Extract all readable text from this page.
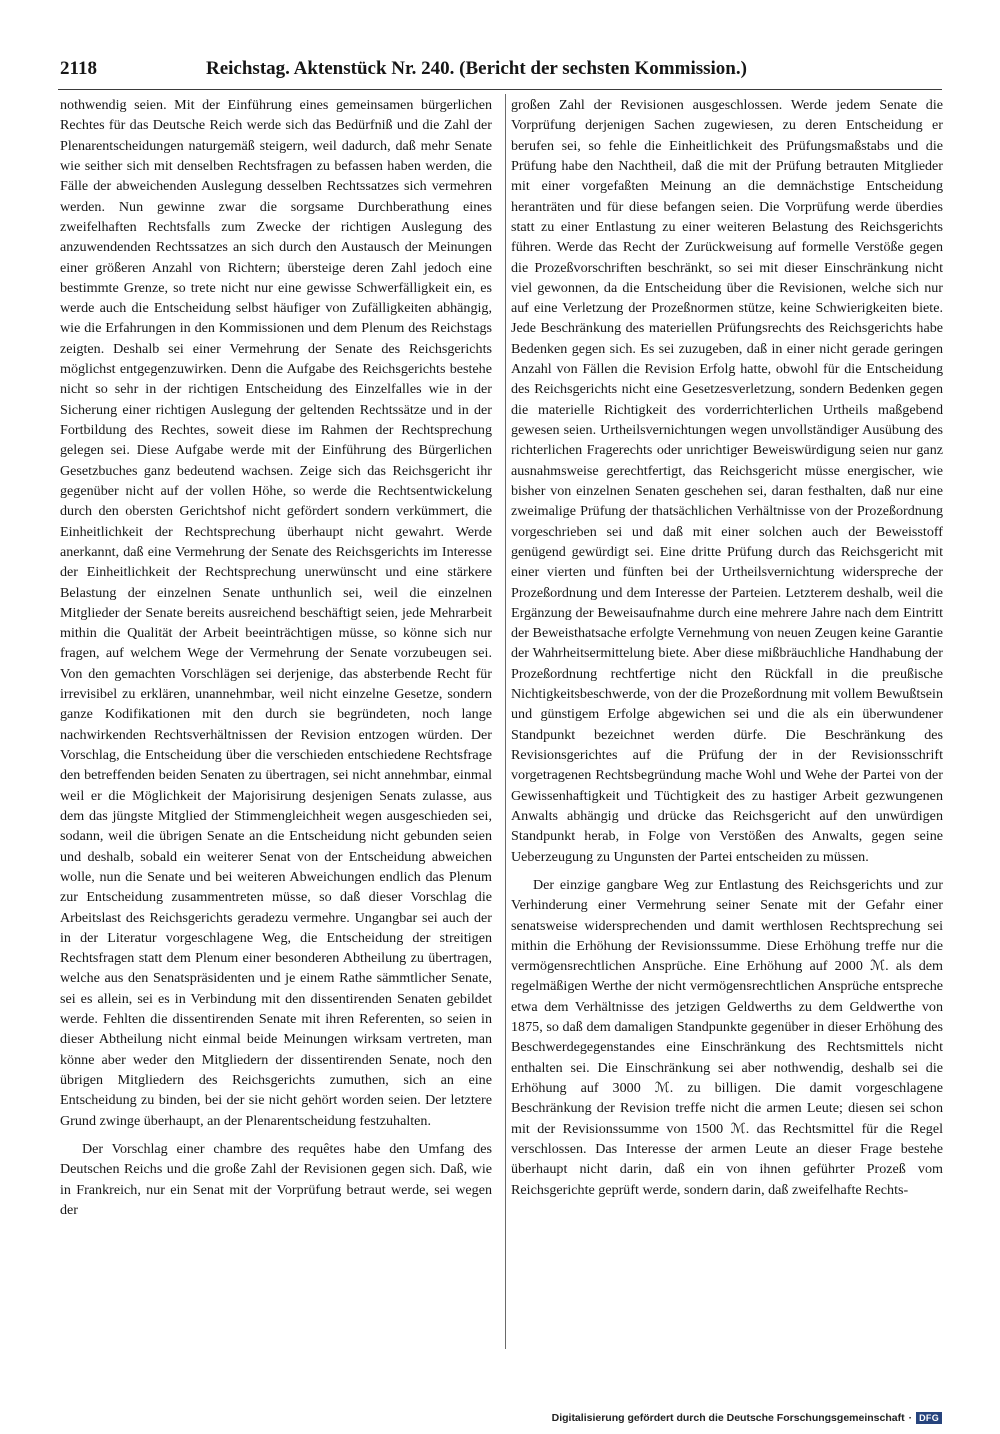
2118	Reichstag. Aktenstück Nr. 240. (Bericht der sechsten Kommission.)

nothwendig seien. Mit der Einführung eines gemeinsamen bürgerlichen Rechtes für das Deutsche Reich werde sich das Bedürfniß und die Zahl der Plenarentscheidungen naturgemäß steigern, weil dadurch, daß mehr Senate wie seither sich mit denselben Rechtsfragen zu befassen haben werden, die Fälle der abweichenden Auslegung desselben Rechtssatzes sich vermehren werden. Nun gewinne zwar die sorgsame Durchberathung eines zweifelhaften Rechtsfalls zum Zwecke der richtigen Auslegung des anzuwendenden Rechtssatzes an sich durch den Austausch der Meinungen einer größeren Anzahl von Richtern; übersteige deren Zahl jedoch eine bestimmte Grenze, so trete nicht nur eine gewisse Schwerfälligkeit ein, es werde auch die Entscheidung selbst häufiger von Zufälligkeiten abhängig, wie die Erfahrungen in den Kommissionen und dem Plenum des Reichstags zeigten. Deshalb sei einer Vermehrung der Senate des Reichsgerichts möglichst entgegenzuwirken. Denn die Aufgabe des Reichsgerichts bestehe nicht so sehr in der richtigen Entscheidung des Einzelfalles wie in der Sicherung einer richtigen Auslegung der geltenden Rechtssätze und in der Fortbildung des Rechtes, soweit diese im Rahmen der Rechtsprechung gelegen sei. Diese Aufgabe werde mit der Einführung des Bürgerlichen Gesetzbuches ganz bedeutend wachsen. Zeige sich das Reichsgericht ihr gegenüber nicht auf der vollen Höhe, so werde die Rechtsentwickelung durch den obersten Gerichtshof nicht gefördert sondern verkümmert, die Einheitlichkeit der Rechtsprechung überhaupt nicht gewahrt. Werde anerkannt, daß eine Vermehrung der Senate des Reichsgerichts im Interesse der Einheitlichkeit der Rechtsprechung unerwünscht und eine stärkere Belastung der einzelnen Senate unthunlich sei, weil die einzelnen Mitglieder der Senate bereits ausreichend beschäftigt seien, jede Mehrarbeit mithin die Qualität der Arbeit beeinträchtigen müsse, so könne sich nur fragen, auf welchem Wege der Vermehrung der Senate vorzubeugen sei. Von den gemachten Vorschlägen sei derjenige, das absterbende Recht für irrevisibel zu erklären, unannehmbar, weil nicht einzelne Gesetze, sondern ganze Kodifikationen mit den durch sie begründeten, noch lange nachwirkenden Rechtsverhältnissen der Revision entzogen würden. Der Vorschlag, die Entscheidung über die verschieden entschiedene Rechtsfrage den betreffenden beiden Senaten zu übertragen, sei nicht annehmbar, einmal weil er die Möglichkeit der Majorisirung desjenigen Senats zulasse, aus dem das jüngste Mitglied der Stimmengleichheit wegen ausgeschieden sei, sodann, weil die übrigen Senate an die Entscheidung nicht gebunden seien und deshalb, sobald ein weiterer Senat von der Entscheidung abweichen wolle, nun die Senate und bei weiteren Abweichungen endlich das Plenum zur Entscheidung zusammentreten müsse, so daß dieser Vorschlag die Arbeitslast des Reichsgerichts geradezu vermehre. Ungangbar sei auch der in der Literatur vorgeschlagene Weg, die Entscheidung der streitigen Rechtsfragen statt dem Plenum einer besonderen Abtheilung zu übertragen, welche aus den Senatspräsidenten und je einem Rathe sämmtlicher Senate, sei es allein, sei es in Verbindung mit den dissentirenden Senaten gebildet werde. Fehlten die dissentirenden Senate mit ihren Referenten, so seien in dieser Abtheilung nicht einmal beide Meinungen wirksam vertreten, man könne aber weder den Mitgliedern der dissentirenden Senate, noch den übrigen Mitgliedern des Reichsgerichts zumuthen, sich an eine Entscheidung zu binden, bei der sie nicht gehört worden seien. Der letztere Grund zwinge überhaupt, an der Plenarentscheidung festzuhalten.

Der Vorschlag einer chambre des requêtes habe den Umfang des Deutschen Reichs und die große Zahl der Revisionen gegen sich. Daß, wie in Frankreich, nur ein Senat mit der Vorprüfung betraut werde, sei wegen der

großen Zahl der Revisionen ausgeschlossen. Werde jedem Senate die Vorprüfung derjenigen Sachen zugewiesen, zu deren Entscheidung er berufen sei, so fehle die Einheitlichkeit des Prüfungsmaßstabs und die Prüfung habe den Nachtheil, daß die mit der Prüfung betrauten Mitglieder mit einer vorgefaßten Meinung an die demnächstige Entscheidung heranträten und für diese befangen seien. Die Vorprüfung werde überdies statt zu einer Entlastung zu einer weiteren Belastung des Reichsgerichts führen. Werde das Recht der Zurückweisung auf formelle Verstöße gegen die Prozeßvorschriften beschränkt, so sei mit dieser Einschränkung nicht viel gewonnen, da die Entscheidung über die Revisionen, welche sich nur auf eine Verletzung der Prozeßnormen stütze, keine Schwierigkeiten biete. Jede Beschränkung des materiellen Prüfungsrechts des Reichsgerichts habe Bedenken gegen sich. Es sei zuzugeben, daß in einer nicht gerade geringen Anzahl von Fällen die Revision Erfolg hatte, obwohl für die Entscheidung des Reichsgerichts nicht eine Gesetzesverletzung, sondern Bedenken gegen die materielle Richtigkeit des vorderrichterlichen Urtheils maßgebend gewesen seien. Urtheilsvernichtungen wegen unvollständiger Ausübung des richterlichen Fragerechts oder unrichtiger Beweiswürdigung seien nur ganz ausnahmsweise gerechtfertigt, das Reichsgericht müsse energischer, wie bisher von einzelnen Senaten geschehen sei, daran festhalten, daß nur eine zweimalige Prüfung der thatsächlichen Verhältnisse von der Prozeßordnung vorgeschrieben sei und daß mit einer solchen auch der Beweisstoff genügend gewürdigt sei. Eine dritte Prüfung durch das Reichsgericht mit einer vierten und fünften bei der Urtheilsvernichtung widerspreche der Prozeßordnung und dem Interesse der Parteien. Letzterem deshalb, weil die Ergänzung der Beweisaufnahme durch eine mehrere Jahre nach dem Eintritt der Beweisthatsache erfolgte Vernehmung von neuen Zeugen keine Garantie der Wahrheitsermittelung biete. Aber diese mißbräuchliche Handhabung der Prozeßordnung rechtfertige nicht den Rückfall in die preußische Nichtigkeitsbeschwerde, von der die Prozeßordnung mit vollem Bewußtsein und günstigem Erfolge abgewichen sei und die als ein überwundener Standpunkt bezeichnet werden dürfe. Die Beschränkung des Revisionsgerichtes auf die Prüfung der in der Revisionsschrift vorgetragenen Rechtsbegründung mache Wohl und Wehe der Partei von der Gewissenhaftigkeit und Tüchtigkeit des zu hastiger Arbeit gezwungenen Anwalts abhängig und drücke das Reichsgericht auf den unwürdigen Standpunkt herab, in Folge von Verstößen des Anwalts, gegen seine Ueberzeugung zu Ungunsten der Partei entscheiden zu müssen.

Der einzige gangbare Weg zur Entlastung des Reichsgerichts und zur Verhinderung einer Vermehrung seiner Senate mit der Gefahr einer senatsweise widersprechenden und damit werthlosen Rechtsprechung sei mithin die Erhöhung der Revisionssumme. Diese Erhöhung treffe nur die vermögensrechtlichen Ansprüche. Eine Erhöhung auf 2000 ℳ. als dem regelmäßigen Werthe der nicht vermögensrechtlichen Ansprüche entspreche etwa dem Verhältnisse des jetzigen Geldwerths zu dem Geldwerthe von 1875, so daß dem damaligen Standpunkte gegenüber in dieser Erhöhung des Beschwerdegegenstandes eine Einschränkung des Rechtsmittels nicht enthalten sei. Die Einschränkung sei aber nothwendig, deshalb sei die Erhöhung auf 3000 ℳ. zu billigen. Die damit vorgeschlagene Beschränkung der Revision treffe nicht die armen Leute; diesen sei schon mit der Revisionssumme von 1500 ℳ. das Rechtsmittel für die Regel verschlossen. Das Interesse der armen Leute an dieser Frage bestehe überhaupt nicht darin, daß ein von ihnen geführter Prozeß vom Reichsgerichte geprüft werde, sondern darin, daß zweifelhafte Rechts-

Digitalisierung gefördert durch die Deutsche Forschungsgemeinschaft · DFG
